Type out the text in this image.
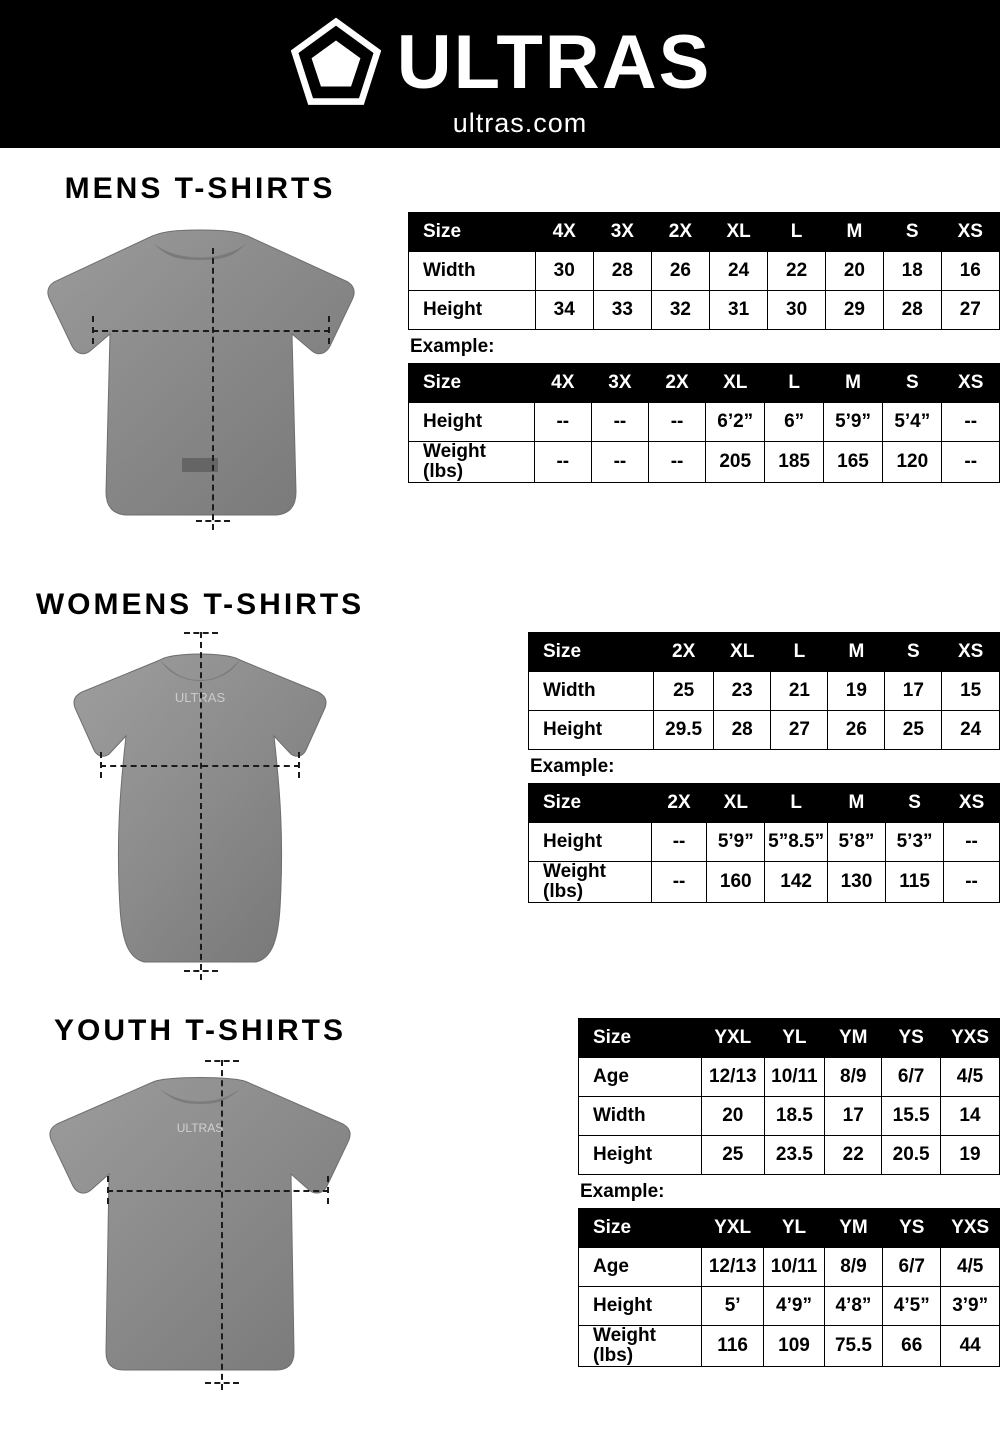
ULTRAS
ultras.com
MENS T-SHIRTS
Size	4X	3X	2X	XL	L	M	S	XS
Width	30	28	26	24	22	20	18	16
Height	34	33	32	31	30	29	28	27
Example:
Size	4X	3X	2X	XL	L	M	S	XS
Height	--	--	--	6’2”	6”	5’9”	5’4”	--
Weight
(lbs)	--	--	--	205	185	165	120	--
WOMENS T-SHIRTS
ULTRAS
Size	2X	XL	L	M	S	XS
Width	25	23	21	19	17	15
Height	29.5	28	27	26	25	24
Example:
Size	2X	XL	L	M	S	XS
Height	--	5’9”	5”8.5”	5’8”	5’3”	--
Weight
(lbs)	--	160	142	130	115	--
YOUTH T-SHIRTS
ULTRAS
Size	YXL	YL	YM	YS	YXS
Age	12/13	10/11	8/9	6/7	4/5
Width	20	18.5	17	15.5	14
Height	25	23.5	22	20.5	19
Example:
Size	YXL	YL	YM	YS	YXS
Age	12/13	10/11	8/9	6/7	4/5
Height	5’	4’9”	4’8”	4’5”	3’9”
Weight
(lbs)	116	109	75.5	66	44
